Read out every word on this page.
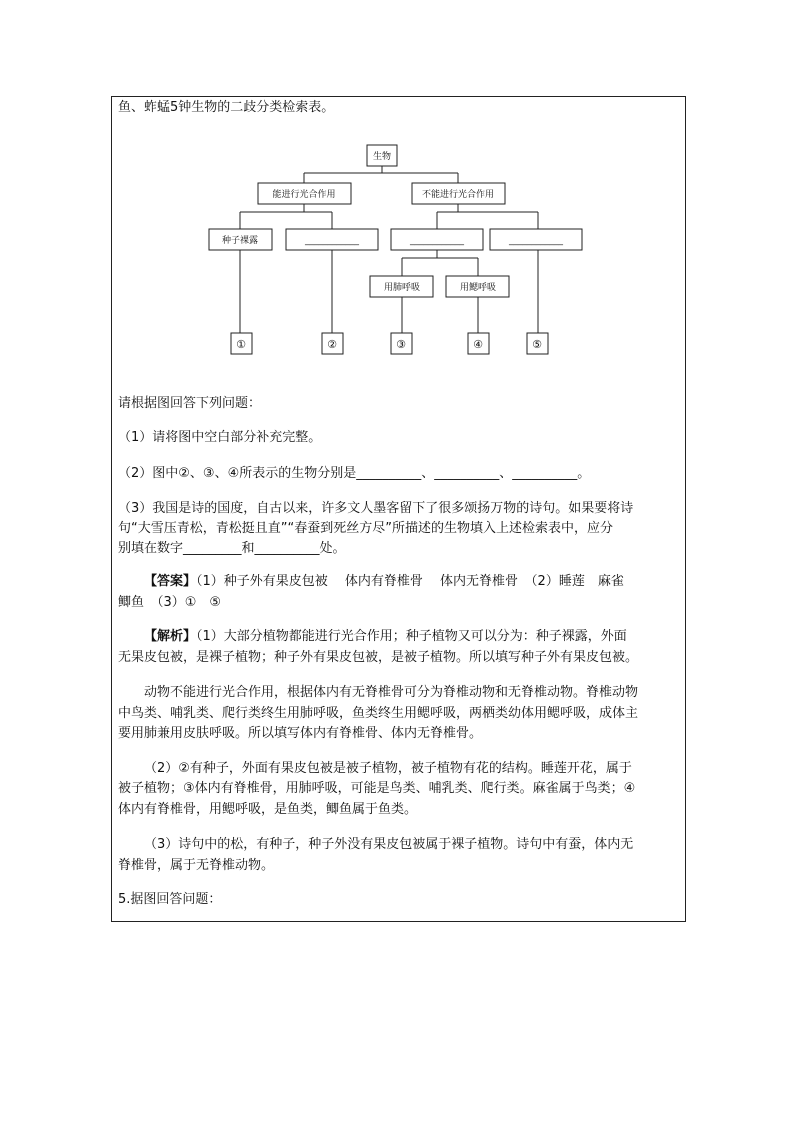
鱼、蚱蜢5钟生物的二歧分类检索表。
生物
能进行光合作用	不能进行光合作用
种子裸露	____________	____________	____________
用肺呼吸	用鳃呼吸
①	②	③	④	⑤
请根据图回答下列问题：
（1）请将图中空白部分补充完整。
（2）图中②、③、④所表示的生物分别是__________、__________、__________。
（3）我国是诗的国度，自古以来，许多文人墨客留下了很多颂扬万物的诗句。如果要将诗
句“大雪压青松，青松挺且直”“春蚕到死丝方尽”所描述的生物填入上述检索表中，应分
别填在数字_________和__________处。
【答案】（1）种子外有果皮包被　 体内有脊椎骨　 体内无脊椎骨　（2）睡莲　麻雀
鲫鱼　（3）①　⑤
【解析】（1）大部分植物都能进行光合作用；种子植物又可以分为：种子裸露，外面
无果皮包被，是裸子植物；种子外有果皮包被，是被子植物。所以填写种子外有果皮包被。
动物不能进行光合作用，根据体内有无脊椎骨可分为脊椎动物和无脊椎动物。脊椎动物
中鸟类、哺乳类、爬行类终生用肺呼吸，鱼类终生用鳃呼吸，两栖类幼体用鳃呼吸，成体主
要用肺兼用皮肤呼吸。所以填写体内有脊椎骨、体内无脊椎骨。
（2）②有种子，外面有果皮包被是被子植物，被子植物有花的结构。睡莲开花，属于
被子植物；③体内有脊椎骨，用肺呼吸，可能是鸟类、哺乳类、爬行类。麻雀属于鸟类；④
体内有脊椎骨，用鳃呼吸，是鱼类，鲫鱼属于鱼类。
（3）诗句中的松，有种子，种子外没有果皮包被属于裸子植物。诗句中有蚕，体内无
脊椎骨，属于无脊椎动物。
5.据图回答问题：
